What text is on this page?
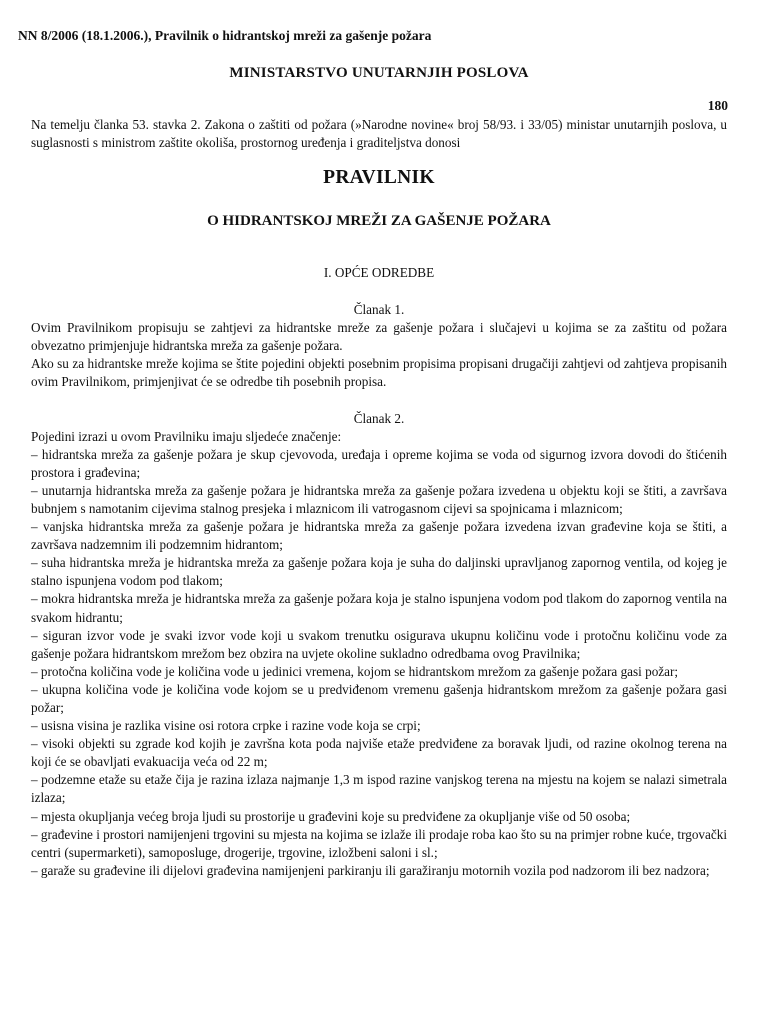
NN 8/2006 (18.1.2006.), Pravilnik o hidrantskoj mreži za gašenje požara
MINISTARSTVO UNUTARNJIH POSLOVA
180

Na temelju članka 53. stavka 2. Zakona o zaštiti od požara (»Narodne novine« broj 58/93. i 33/05) ministar unutarnjih poslova, u suglasnosti s ministrom zaštite okoliša, prostornog uređenja i graditeljstva donosi

PRAVILNIK
O HIDRANTSKOJ MREŽI ZA GAŠENJE POŽARA
I. OPĆE ODREDBE
Članak 1.

Ovim Pravilnikom propisuju se zahtjevi za hidrantske mreže za gašenje požara i slučajevi u kojima se za zaštitu od požara obvezatno primjenjuje hidrantska mreža za gašenje požara.

Ako su za hidrantske mreže kojima se štite pojedini objekti posebnim propisima propisani drugačiji zahtjevi od zahtjeva propisanih ovim Pravilnikom, primjenjivat će se odredbe tih posebnih propisa.

Članak 2.

Pojedini izrazi u ovom Pravilniku imaju sljedeće značenje:

– hidrantska mreža za gašenje požara je skup cjevovoda, uređaja i opreme kojima se voda od sigurnog izvora dovodi do štićenih prostora i građevina;

– unutarnja hidrantska mreža za gašenje požara je hidrantska mreža za gašenje požara izvedena u objektu koji se štiti, a završava bubnjem s namotanim cijevima stalnog presjeka i mlaznicom ili vatrogasnom cijevi sa spojnicama i mlaznicom;

– vanjska hidrantska mreža za gašenje požara je hidrantska mreža za gašenje požara izvedena izvan građevine koja se štiti, a završava nadzemnim ili podzemnim hidrantom;

– suha hidrantska mreža je hidrantska mreža za gašenje požara koja je suha do daljinski upravljanog zapornog ventila, od kojeg je stalno ispunjena vodom pod tlakom;

– mokra hidrantska mreža je hidrantska mreža za gašenje požara koja je stalno ispunjena vodom pod tlakom do zapornog ventila na svakom hidrantu;

– siguran izvor vode je svaki izvor vode koji u svakom trenutku osigurava ukupnu količinu vode i protočnu količinu vode za gašenje požara hidrantskom mrežom bez obzira na uvjete okoline sukladno odredbama ovog Pravilnika;

– protočna količina vode je količina vode u jedinici vremena, kojom se hidrantskom mrežom za gašenje požara gasi požar;

– ukupna količina vode je količina vode kojom se u predviđenom vremenu gašenja hidrantskom mrežom za gašenje požara gasi požar;

– usisna visina je razlika visine osi rotora crpke i razine vode koja se crpi;

– visoki objekti su zgrade kod kojih je završna kota poda najviše etaže predviđene za boravak ljudi, od razine okolnog terena na koji će se obavljati evakuacija veća od 22 m;

– podzemne etaže su etaže čija je razina izlaza najmanje 1,3 m ispod razine vanjskog terena na mjestu na kojem se nalazi simetrala izlaza;

– mjesta okupljanja većeg broja ljudi su prostorije u građevini koje su predviđene za okupljanje više od 50 osoba;

– građevine i prostori namijenjeni trgovini su mjesta na kojima se izlaže ili prodaje roba kao što su na primjer robne kuće, trgovački centri (supermarketi), samoposluge, drogerije, trgovine, izložbeni saloni i sl.;

– garaže su građevine ili dijelovi građevina namijenjeni parkiranju ili garažiranju motornih vozila pod nadzorom ili bez nadzora;
